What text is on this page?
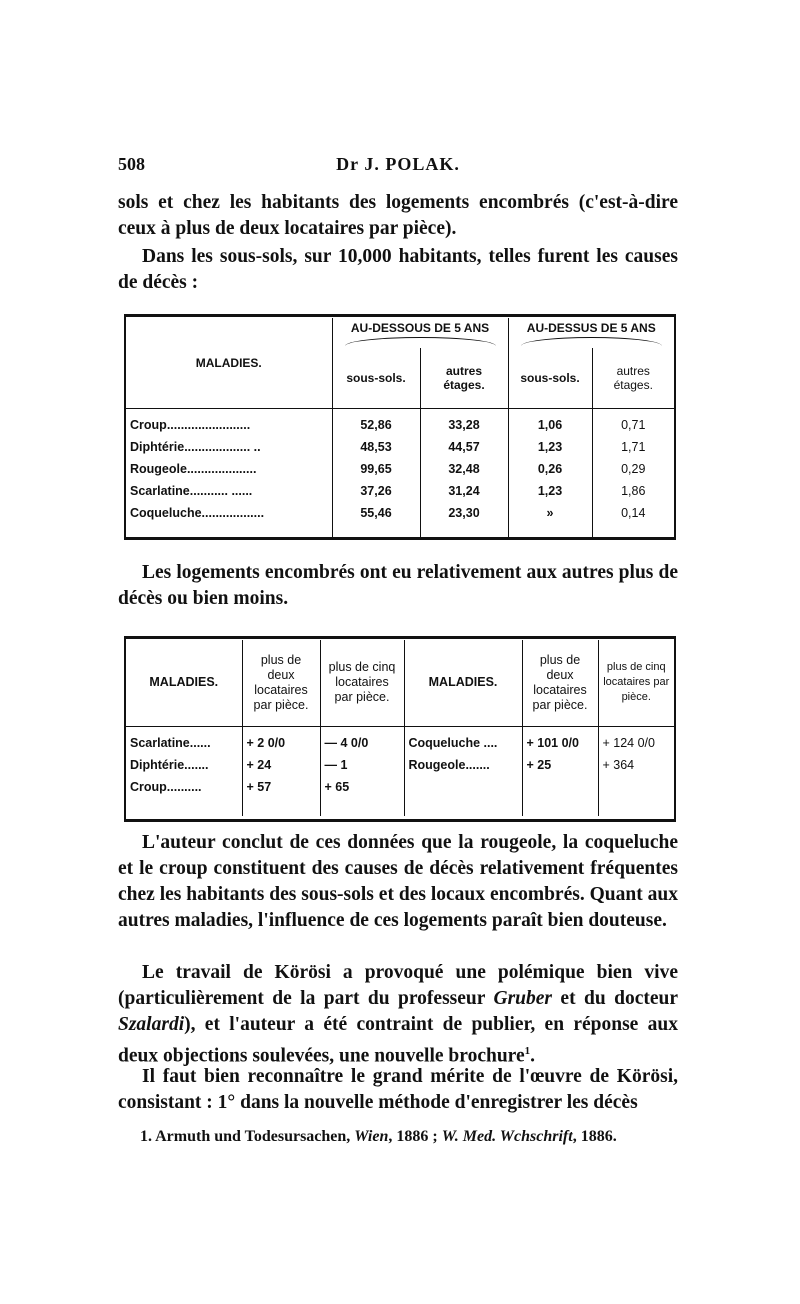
508	Dr J. POLAK.

sols et chez les habitants des logements encombrés (c'est-à-dire ceux à plus de deux locataires par pièce).

Dans les sous-sols, sur 10,000 habitants, telles furent les causes de décès :

MALADIES.	AU-DESSOUS DE 5 ANS		AU-DESSUS DE 5 ANS	

	sous-sols.	autres étages.	sous-sols.	autres étages.

Croup........................	52,86	33,28	1,06	0,71
Diphtérie................... ..	48,53	44,57	1,23	1,71
Rougeole....................	99,65	32,48	0,26	0,29
Scarlatine........... ......	37,26	31,24	1,23	1,86
Coqueluche..................	55,46	23,30	»	0,14

Les logements encombrés ont eu relativement aux autres plus de décès ou bien moins.

MALADIES.	plus de deux locataires par pièce.	plus de cinq locataires par pièce.	MALADIES.	plus de deux locataires par pièce.	plus de cinq locataires par pièce.

Scarlatine......	+ 2 0/0	— 4 0/0	Coqueluche ....	+ 101 0/0	+ 124 0/0
Diphtérie.......	+ 24	— 1	Rougeole.......	+ 25	+ 364
Croup..........	+ 57	+ 65			

L'auteur conclut de ces données que la rougeole, la coqueluche et le croup constituent des causes de décès relativement fréquentes chez les habitants des sous-sols et des locaux encombrés. Quant aux autres maladies, l'influence de ces logements paraît bien douteuse.

Le travail de Körösi a provoqué une polémique bien vive (particulièrement de la part du professeur Gruber et du docteur Szalardi), et l'auteur a été contraint de publier, en réponse aux deux objections soulevées, une nouvelle brochure$^1$.

Il faut bien reconnaître le grand mérite de l'œuvre de Körösi, consistant : 1° dans la nouvelle méthode d'enregistrer les décès

1. Armuth und Todesursachen, Wien, 1886 ; W. Med. Wchschrift, 1886.
